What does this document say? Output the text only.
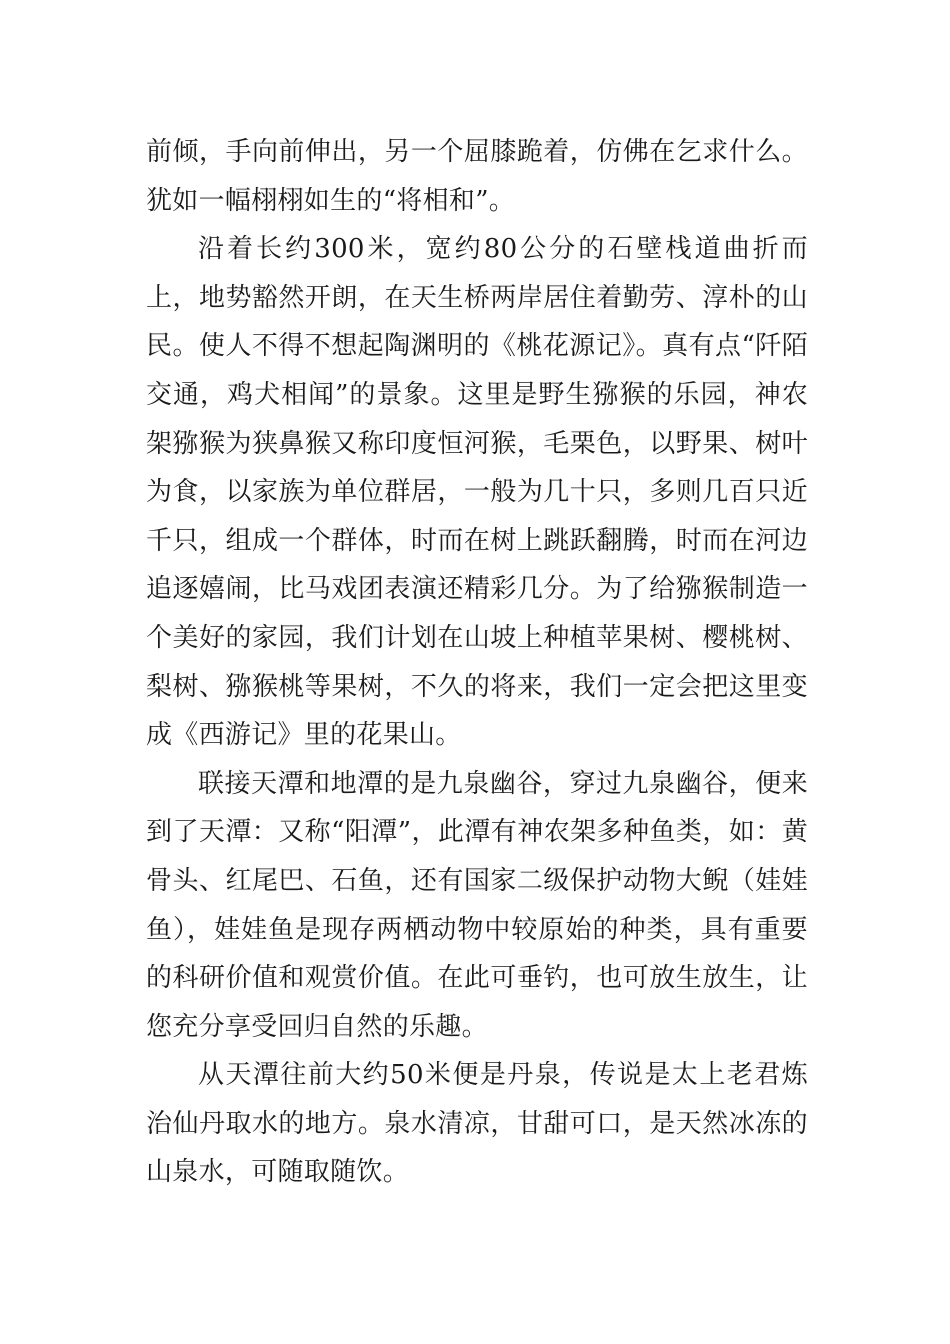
前倾，手向前伸出，另一个屈膝跪着，仿佛在乞求什么。犹如一幅栩栩如生的“将相和”。

沿着长约300米，宽约80公分的石壁栈道曲折而上，地势豁然开朗，在天生桥两岸居住着勤劳、淳朴的山民。使人不得不想起陶渊明的《桃花源记》。真有点“阡陌交通，鸡犬相闻”的景象。这里是野生猕猴的乐园，神农架猕猴为狭鼻猴又称印度恒河猴，毛栗色，以野果、树叶为食，以家族为单位群居，一般为几十只，多则几百只近千只，组成一个群体，时而在树上跳跃翻腾，时而在河边追逐嬉闹，比马戏团表演还精彩几分。为了给猕猴制造一个美好的家园，我们计划在山坡上种植苹果树、樱桃树、梨树、猕猴桃等果树，不久的将来，我们一定会把这里变成《西游记》里的花果山。

联接天潭和地潭的是九泉幽谷，穿过九泉幽谷，便来到了天潭：又称“阳潭”，此潭有神农架多种鱼类，如：黄骨头、红尾巴、石鱼，还有国家二级保护动物大鲵（娃娃鱼），娃娃鱼是现存两栖动物中较原始的种类，具有重要的科研价值和观赏价值。在此可垂钓，也可放生放生，让您充分享受回归自然的乐趣。

从天潭往前大约50米便是丹泉，传说是太上老君炼治仙丹取水的地方。泉水清凉，甘甜可口，是天然冰冻的山泉水，可随取随饮。
